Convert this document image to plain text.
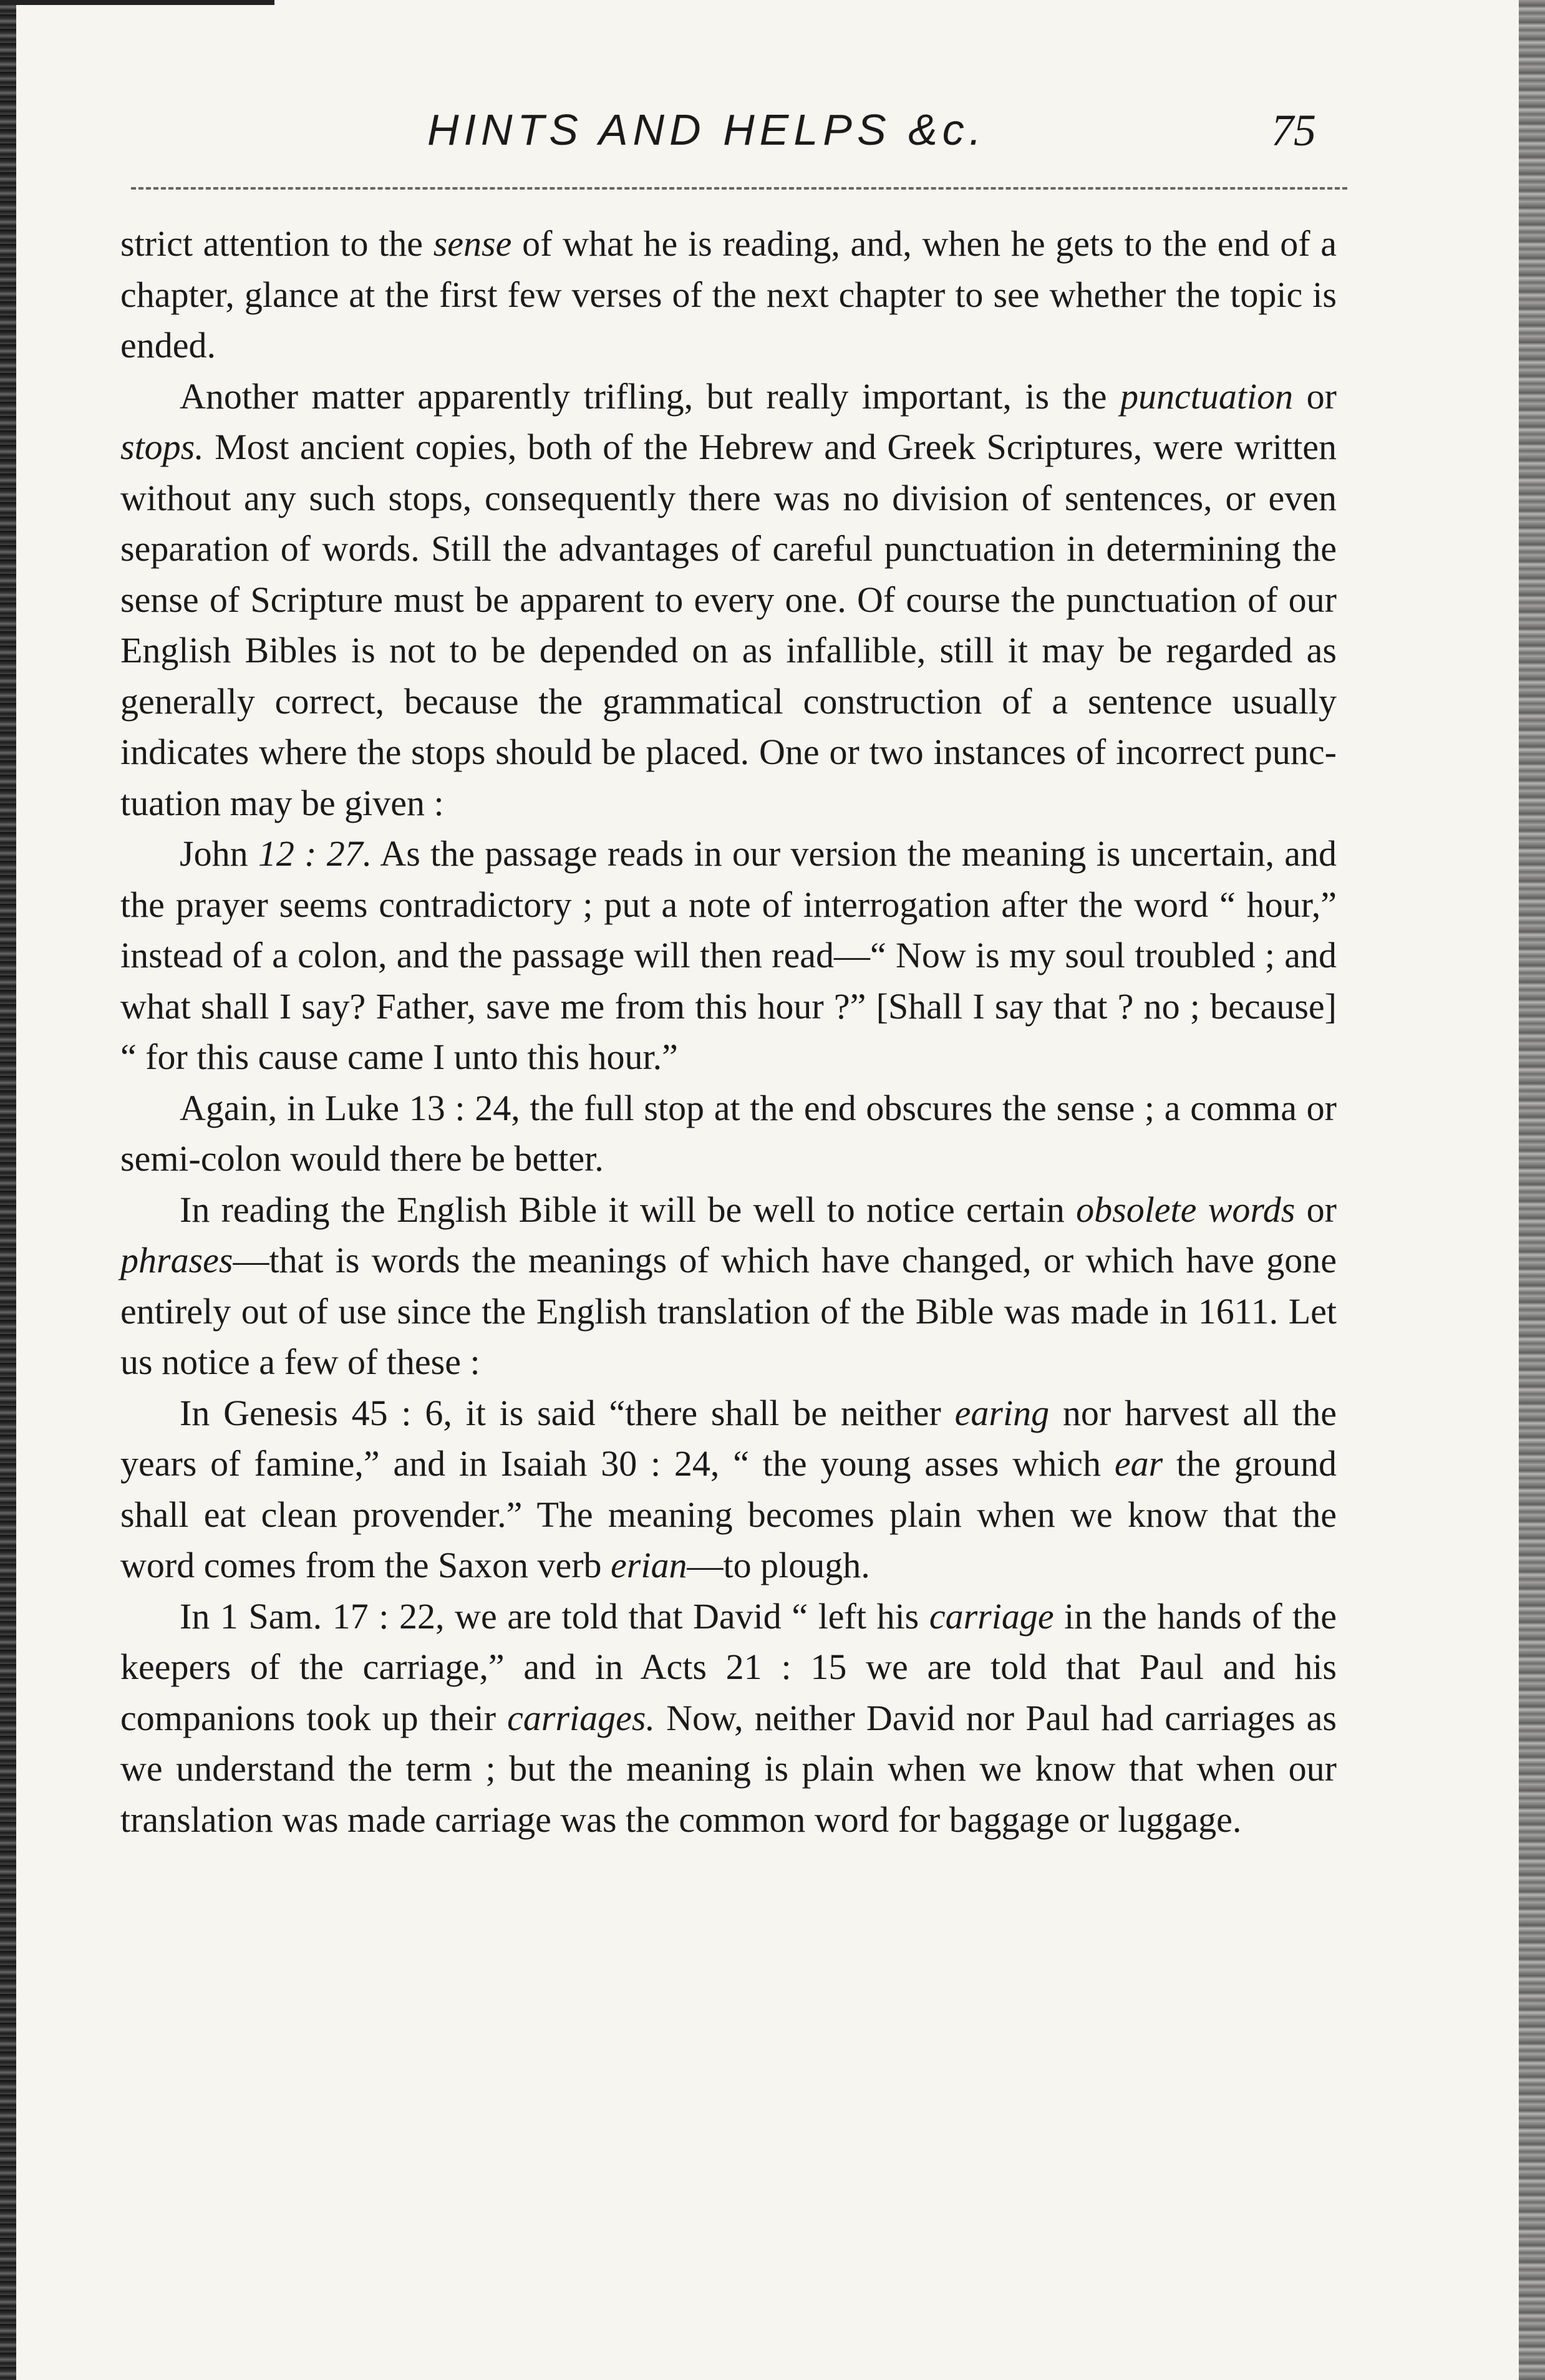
HINTS AND HELPS &c.	75

strict attention to the sense of what he is reading, and, when he gets to the end of a chapter, glance at the first few verses of the next chapter to see whether the topic is ended.

Another matter apparently trifling, but really important, is the punctuation or stops. Most ancient copies, both of the Hebrew and Greek Scriptures, were written without any such stops, consequently there was no division of sentences, or even separation of words. Still the advantages of careful punctuation in determining the sense of Scripture must be apparent to every one. Of course the punctuation of our English Bibles is not to be depended on as infallible, still it may be regarded as generally correct, because the grammatical construction of a sentence usually indicates where the stops should be placed. One or two instances of incorrect punctuation may be given :

John 12 : 27. As the passage reads in our version the meaning is uncertain, and the prayer seems contradictory ; put a note of interrogation after the word “ hour,” instead of a colon, and the passage will then read—“ Now is my soul troubled ; and what shall I say? Father, save me from this hour ?” [Shall I say that ? no ; because] “ for this cause came I unto this hour.”

Again, in Luke 13 : 24, the full stop at the end obscures the sense ; a comma or semi-colon would there be better.

In reading the English Bible it will be well to notice certain obsolete words or phrases—that is words the meanings of which have changed, or which have gone entirely out of use since the English translation of the Bible was made in 1611. Let us notice a few of these :

In Genesis 45 : 6, it is said “there shall be neither earing nor harvest all the years of famine,” and in Isaiah 30 : 24, “ the young asses which ear the ground shall eat clean provender.” The meaning becomes plain when we know that the word comes from the Saxon verb erian—to plough.

In 1 Sam. 17 : 22, we are told that David “ left his carriage in the hands of the keepers of the carriage,” and in Acts 21 : 15 we are told that Paul and his companions took up their carriages. Now, neither David nor Paul had carriages as we understand the term ; but the meaning is plain when we know that when our translation was made carriage was the common word for baggage or luggage.
